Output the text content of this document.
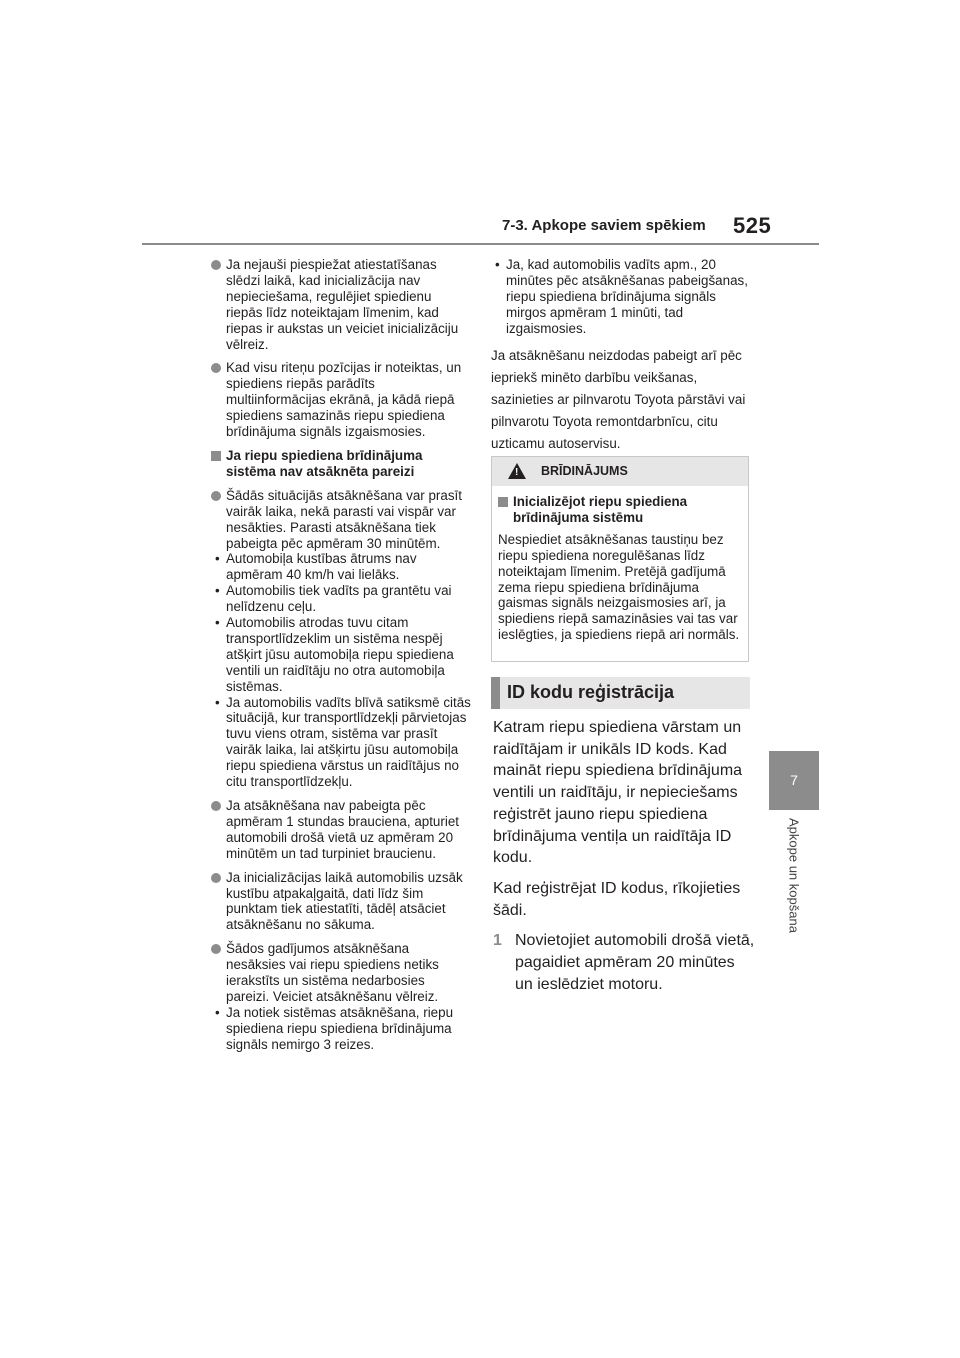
7-3. Apkope saviem spēkiem 525
7
Apkope un kopšana
Ja nejauši piespiežat atiestatīšanas slēdzi laikā, kad inicializācija nav nepieciešama, regulējiet spiedienu riepās līdz noteiktajam līmenim, kad riepas ir aukstas un veiciet inicializāciju vēlreiz.
Kad visu riteņu pozīcijas ir noteiktas, un spiediens riepās parādīts multiinformācijas ekrānā, ja kādā riepā spiediens samazinās riepu spiediena brīdinājuma signāls izgaismosies.
Ja riepu spiediena brīdinājuma sistēma nav atsāknēta pareizi
Šādās situācijās atsāknēšana var prasīt vairāk laika, nekā parasti vai vispār var nesākties. Parasti atsāknēšana tiek pabeigta pēc apmēram 30 minūtēm.
• Automobiļa kustības ātrums nav apmēram 40 km/h vai lielāks.
• Automobilis tiek vadīts pa grantētu vai nelīdzenu ceļu.
• Automobilis atrodas tuvu citam transportlīdzeklim un sistēma nespēj atšķirt jūsu automobiļa riepu spiediena ventili un raidītāju no otra automobiļa sistēmas.
• Ja automobilis vadīts blīvā satiksmē citās situācijā, kur transportlīdzekļi pārvietojas tuvu viens otram, sistēma var prasīt vairāk laika, lai atšķirtu jūsu automobiļa riepu spiediena vārstus un raidītājus no citu transportlīdzekļu.
Ja atsāknēšana nav pabeigta pēc apmēram 1 stundas brauciena, apturiet automobili drošā vietā uz apmēram 20 minūtēm un tad turpiniet braucienu.
Ja inicializācijas laikā automobilis uzsāk kustību atpakaļgaitā, dati līdz šim punktam tiek atiestatīti, tādēļ atsāciet atsāknēšanu no sākuma.
Šādos gadījumos atsāknēšana nesāksies vai riepu spiediens netiks ierakstīts un sistēma nedarbosies pareizi. Veiciet atsāknēšanu vēlreiz.
• Ja notiek sistēmas atsāknēšana, riepu spiediena riepu spiediena brīdinājuma signāls nemirgo 3 reizes.
• Ja, kad automobilis vadīts apm., 20 minūtes pēc atsāknēšanas pabeigšanas, riepu spiediena brīdinājuma signāls mirgos apmēram 1 minūti, tad izgaismosies.

Ja atsāknēšanu neizdodas pabeigt arī pēc iepriekš minēto darbību veikšanas, sazinieties ar pilnvarotu Toyota pārstāvi vai pilnvarotu Toyota remontdarbnīcu, citu uzticamu autoservisu.

! BRĪDINĀJUMS
Inicializējot riepu spiediena brīdinājuma sistēmu
Nespiediet atsāknēšanas taustiņu bez riepu spiediena noregulēšanas līdz noteiktajam līmenim. Pretējā gadījumā zema riepu spiediena brīdinājuma gaismas signāls neizgaismosies arī, ja spiediens riepā samazināsies vai tas var ieslēgties, ja spiediens riepā ari normāls.
ID kodu reģistrācija

Katram riepu spiediena vārstam un raidītājam ir unikāls ID kods. Kad maināt riepu spiediena brīdinājuma ventili un raidītāju, ir nepieciešams reģistrēt jauno riepu spiediena brīdinājuma ventiļa un raidītāja ID kodu.

Kad reģistrējat ID kodus, rīkojieties šādi.

1 Novietojiet automobili drošā vietā, pagaidiet apmēram 20 minūtes un ieslēdziet motoru.
